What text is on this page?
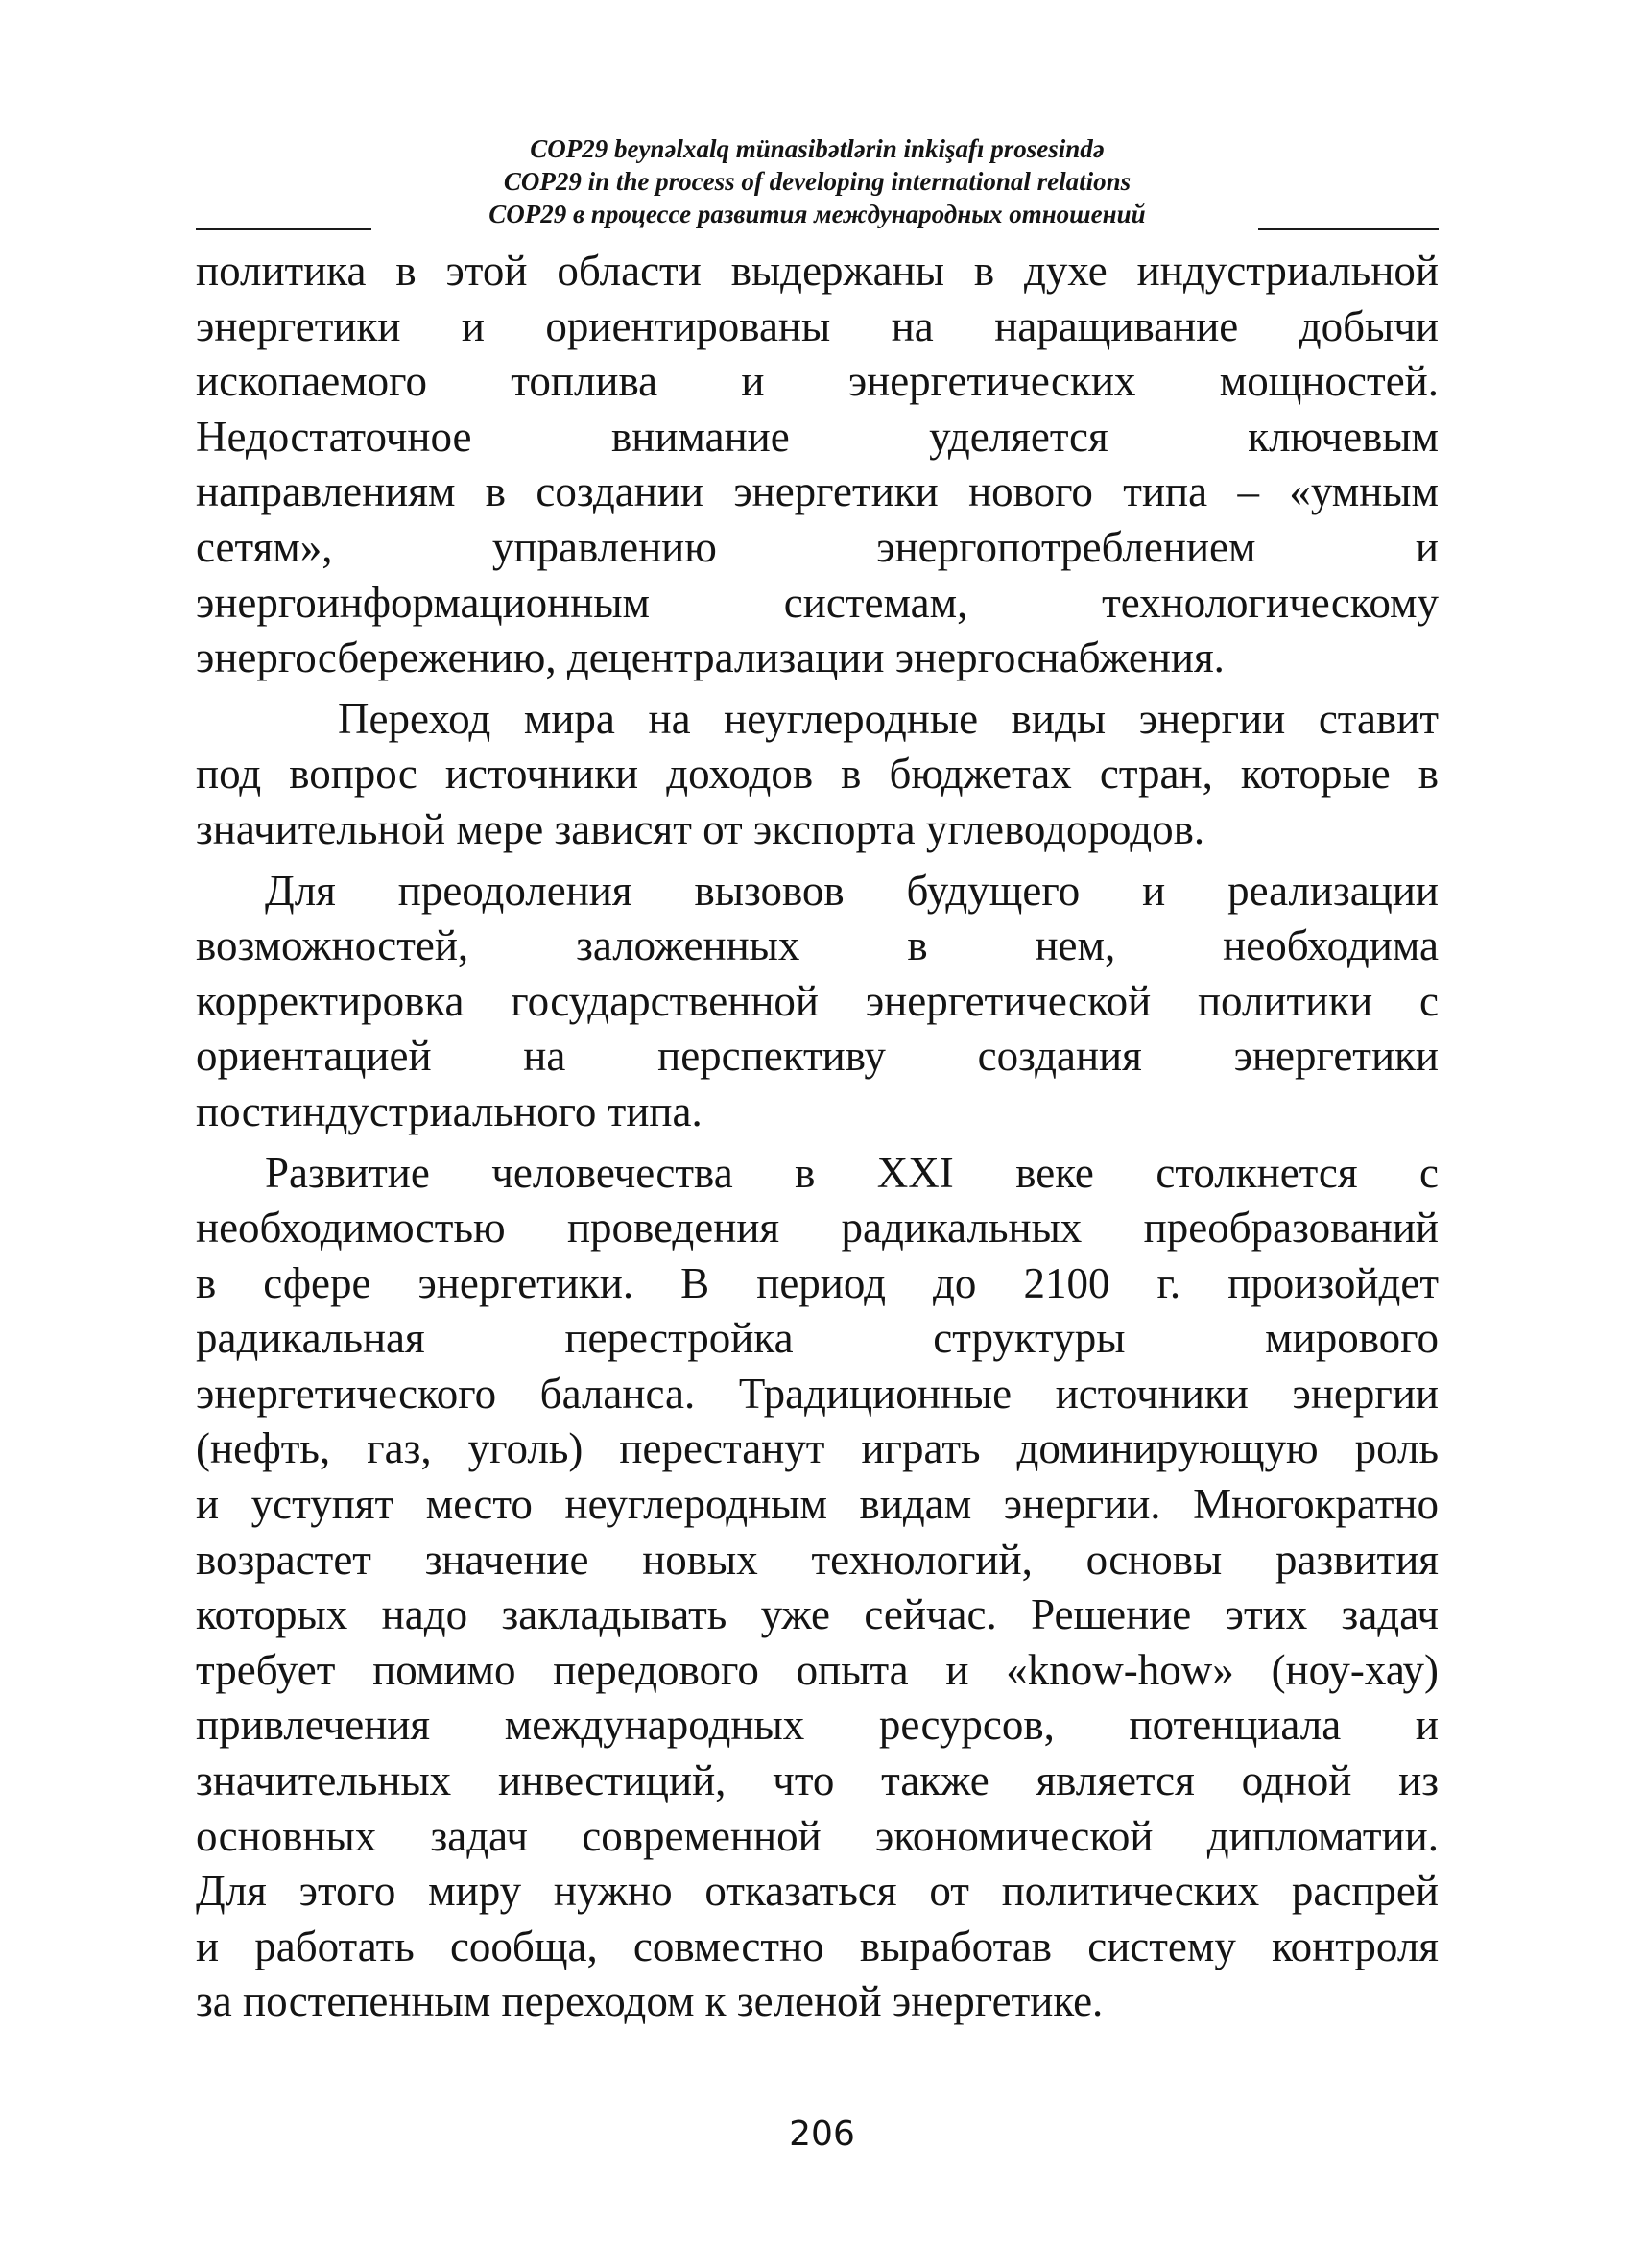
COP29 beynəlxalq münasibətlərin inkişafı prosesində
COP29 in the process of developing international relations
COP29 в процессе развития международных отношений
политика в этой области выдержаны в духе индустриальной
энергетики и ориентированы на наращивание добычи
ископаемого топлива и энергетических мощностей.
Недостаточное внимание уделяется ключевым
направлениям в создании энергетики нового типа – «умным
сетям», управлению энергопотреблением и
энергоинформационным системам, технологическому
энергосбережению, децентрализации энергоснабжения.
Переход мира на неуглеродные виды энергии ставит
под вопрос источники доходов в бюджетах стран, которые в
значительной мере зависят от экспорта углеводородов.
Для преодоления вызовов будущего и реализации
возможностей, заложенных в нем, необходима
корректировка государственной энергетической политики с
ориентацией на перспективу создания энергетики
постиндустриального типа.
Развитие человечества в XXI веке столкнется с
необходимостью проведения радикальных преобразований
в сфере энергетики. В период до 2100 г. произойдет
радикальная перестройка структуры мирового
энергетического баланса. Традиционные источники энергии
(нефть, газ, уголь) перестанут играть доминирующую роль
и уступят место неуглеродным видам энергии. Многократно
возрастет значение новых технологий, основы развития
которых надо закладывать уже сейчас. Решение этих задач
требует помимо передового опыта и «know-how» (ноу-хау)
привлечения международных ресурсов, потенциала и
значительных инвестиций, что также является одной из
основных задач современной экономической дипломатии.
Для этого миру нужно отказаться от политических распрей
и работать сообща, совместно выработав систему контроля
за постепенным переходом к зеленой энергетике.
206
